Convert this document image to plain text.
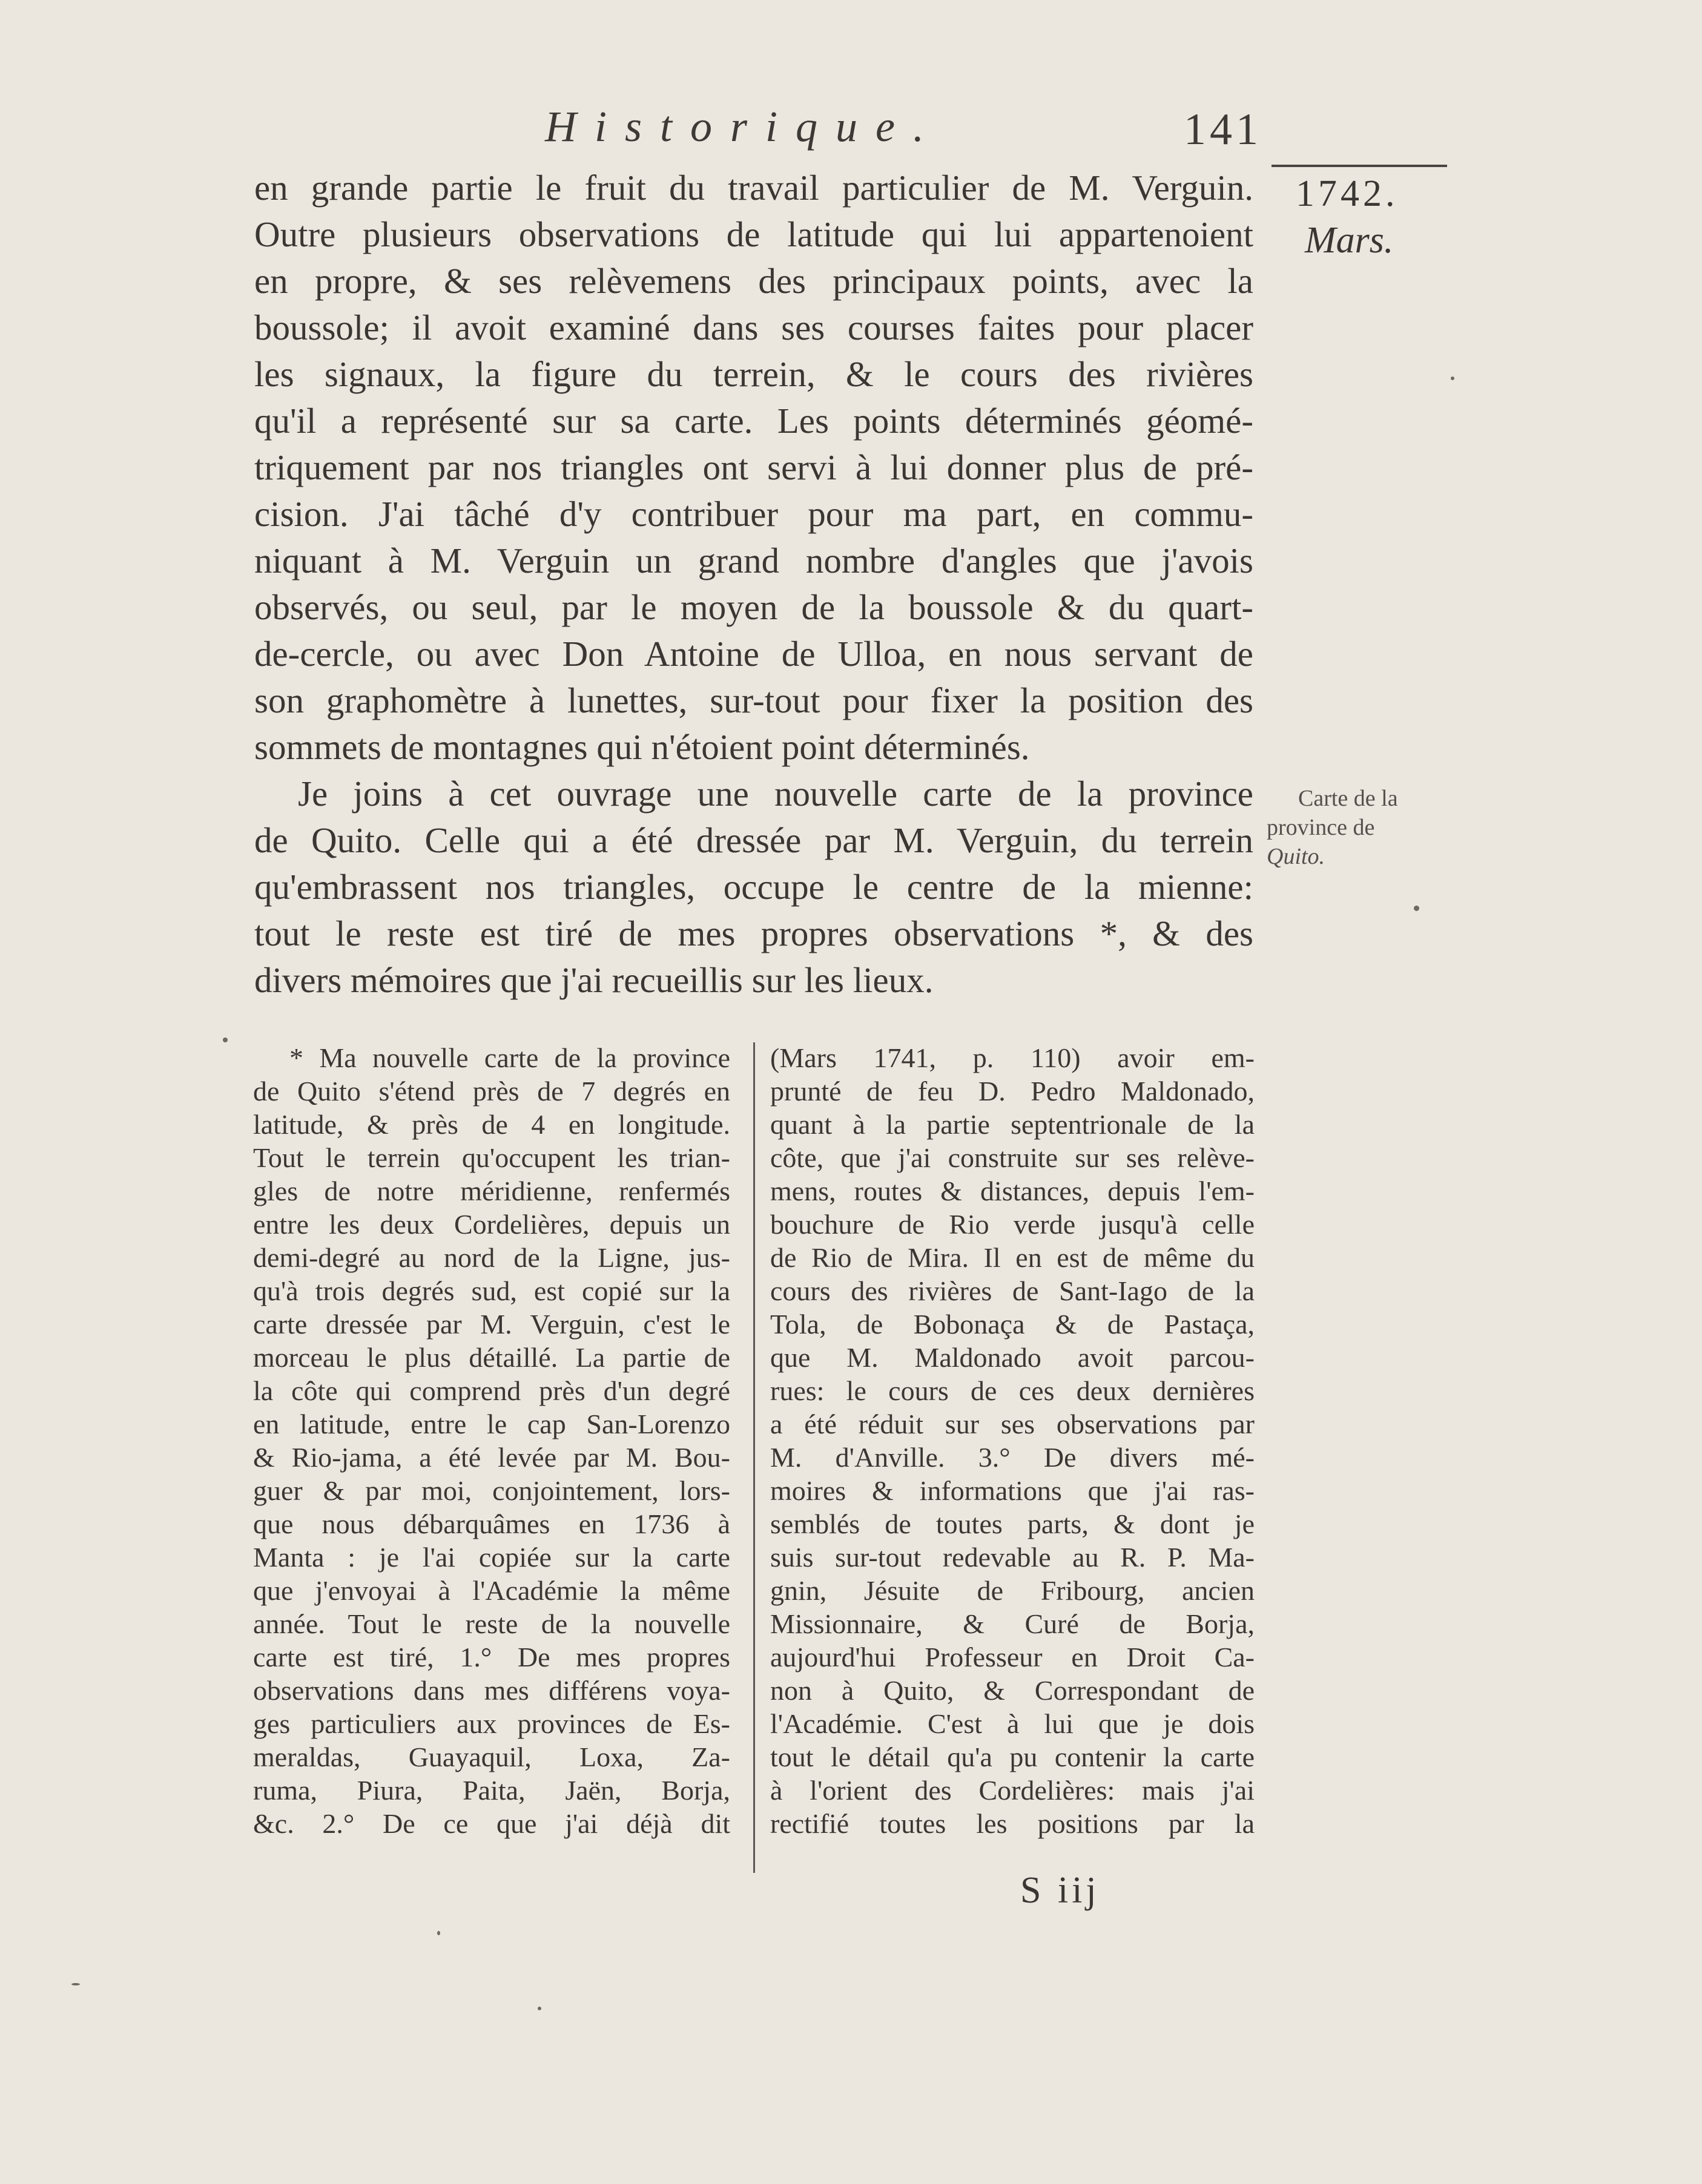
Historique.	141
1742.
Mars.
Carte de la
province de
Quito.
en grande partie le fruit du travail particulier de M. Verguin.
Outre plusieurs observations de latitude qui lui appartenoient
en propre, & ses relèvemens des principaux points, avec la
boussole; il avoit examiné dans ses courses faites pour placer
les signaux, la figure du terrein, & le cours des rivières
qu'il a représenté sur sa carte. Les points déterminés géomé-
triquement par nos triangles ont servi à lui donner plus de pré-
cision. J'ai tâché d'y contribuer pour ma part, en commu-
niquant à M. Verguin un grand nombre d'angles que j'avois
observés, ou seul, par le moyen de la boussole & du quart-
de-cercle, ou avec Don Antoine de Ulloa, en nous servant de
son graphomètre à lunettes, sur-tout pour fixer la position des
sommets de montagnes qui n'étoient point déterminés.
Je joins à cet ouvrage une nouvelle carte de la province
de Quito. Celle qui a été dressée par M. Verguin, du terrein
qu'embrassent nos triangles, occupe le centre de la mienne:
tout le reste est tiré de mes propres observations *, & des
divers mémoires que j'ai recueillis sur les lieux.
* Ma nouvelle carte de la province
de Quito s'étend près de 7 degrés en
latitude, & près de 4 en longitude.
Tout le terrein qu'occupent les trian-
gles de notre méridienne, renfermés
entre les deux Cordelières, depuis un
demi-degré au nord de la Ligne, jus-
qu'à trois degrés sud, est copié sur la
carte dressée par M. Verguin, c'est le
morceau le plus détaillé. La partie de
la côte qui comprend près d'un degré
en latitude, entre le cap San-Lorenzo
& Rio-jama, a été levée par M. Bou-
guer & par moi, conjointement, lors-
que nous débarquâmes en 1736 à
Manta : je l'ai copiée sur la carte
que j'envoyai à l'Académie la même
année. Tout le reste de la nouvelle
carte est tiré, 1.° De mes propres
observations dans mes différens voya-
ges particuliers aux provinces de Es-
meraldas, Guayaquil, Loxa, Za-
ruma, Piura, Paita, Jaën, Borja,
&c. 2.° De ce que j'ai déjà dit
(Mars 1741, p. 110) avoir em-
prunté de feu D. Pedro Maldonado,
quant à la partie septentrionale de la
côte, que j'ai construite sur ses relève-
mens, routes & distances, depuis l'em-
bouchure de Rio verde jusqu'à celle
de Rio de Mira. Il en est de même du
cours des rivières de Sant-Iago de la
Tola, de Bobonaça & de Pastaça,
que M. Maldonado avoit parcou-
rues: le cours de ces deux dernières
a été réduit sur ses observations par
M. d'Anville. 3.° De divers mé-
moires & informations que j'ai ras-
semblés de toutes parts, & dont je
suis sur-tout redevable au R. P. Ma-
gnin, Jésuite de Fribourg, ancien
Missionnaire, & Curé de Borja,
aujourd'hui Professeur en Droit Ca-
non à Quito, & Correspondant de
l'Académie. C'est à lui que je dois
tout le détail qu'a pu contenir la carte
à l'orient des Cordelières: mais j'ai
rectifié toutes les positions par la
S iij
